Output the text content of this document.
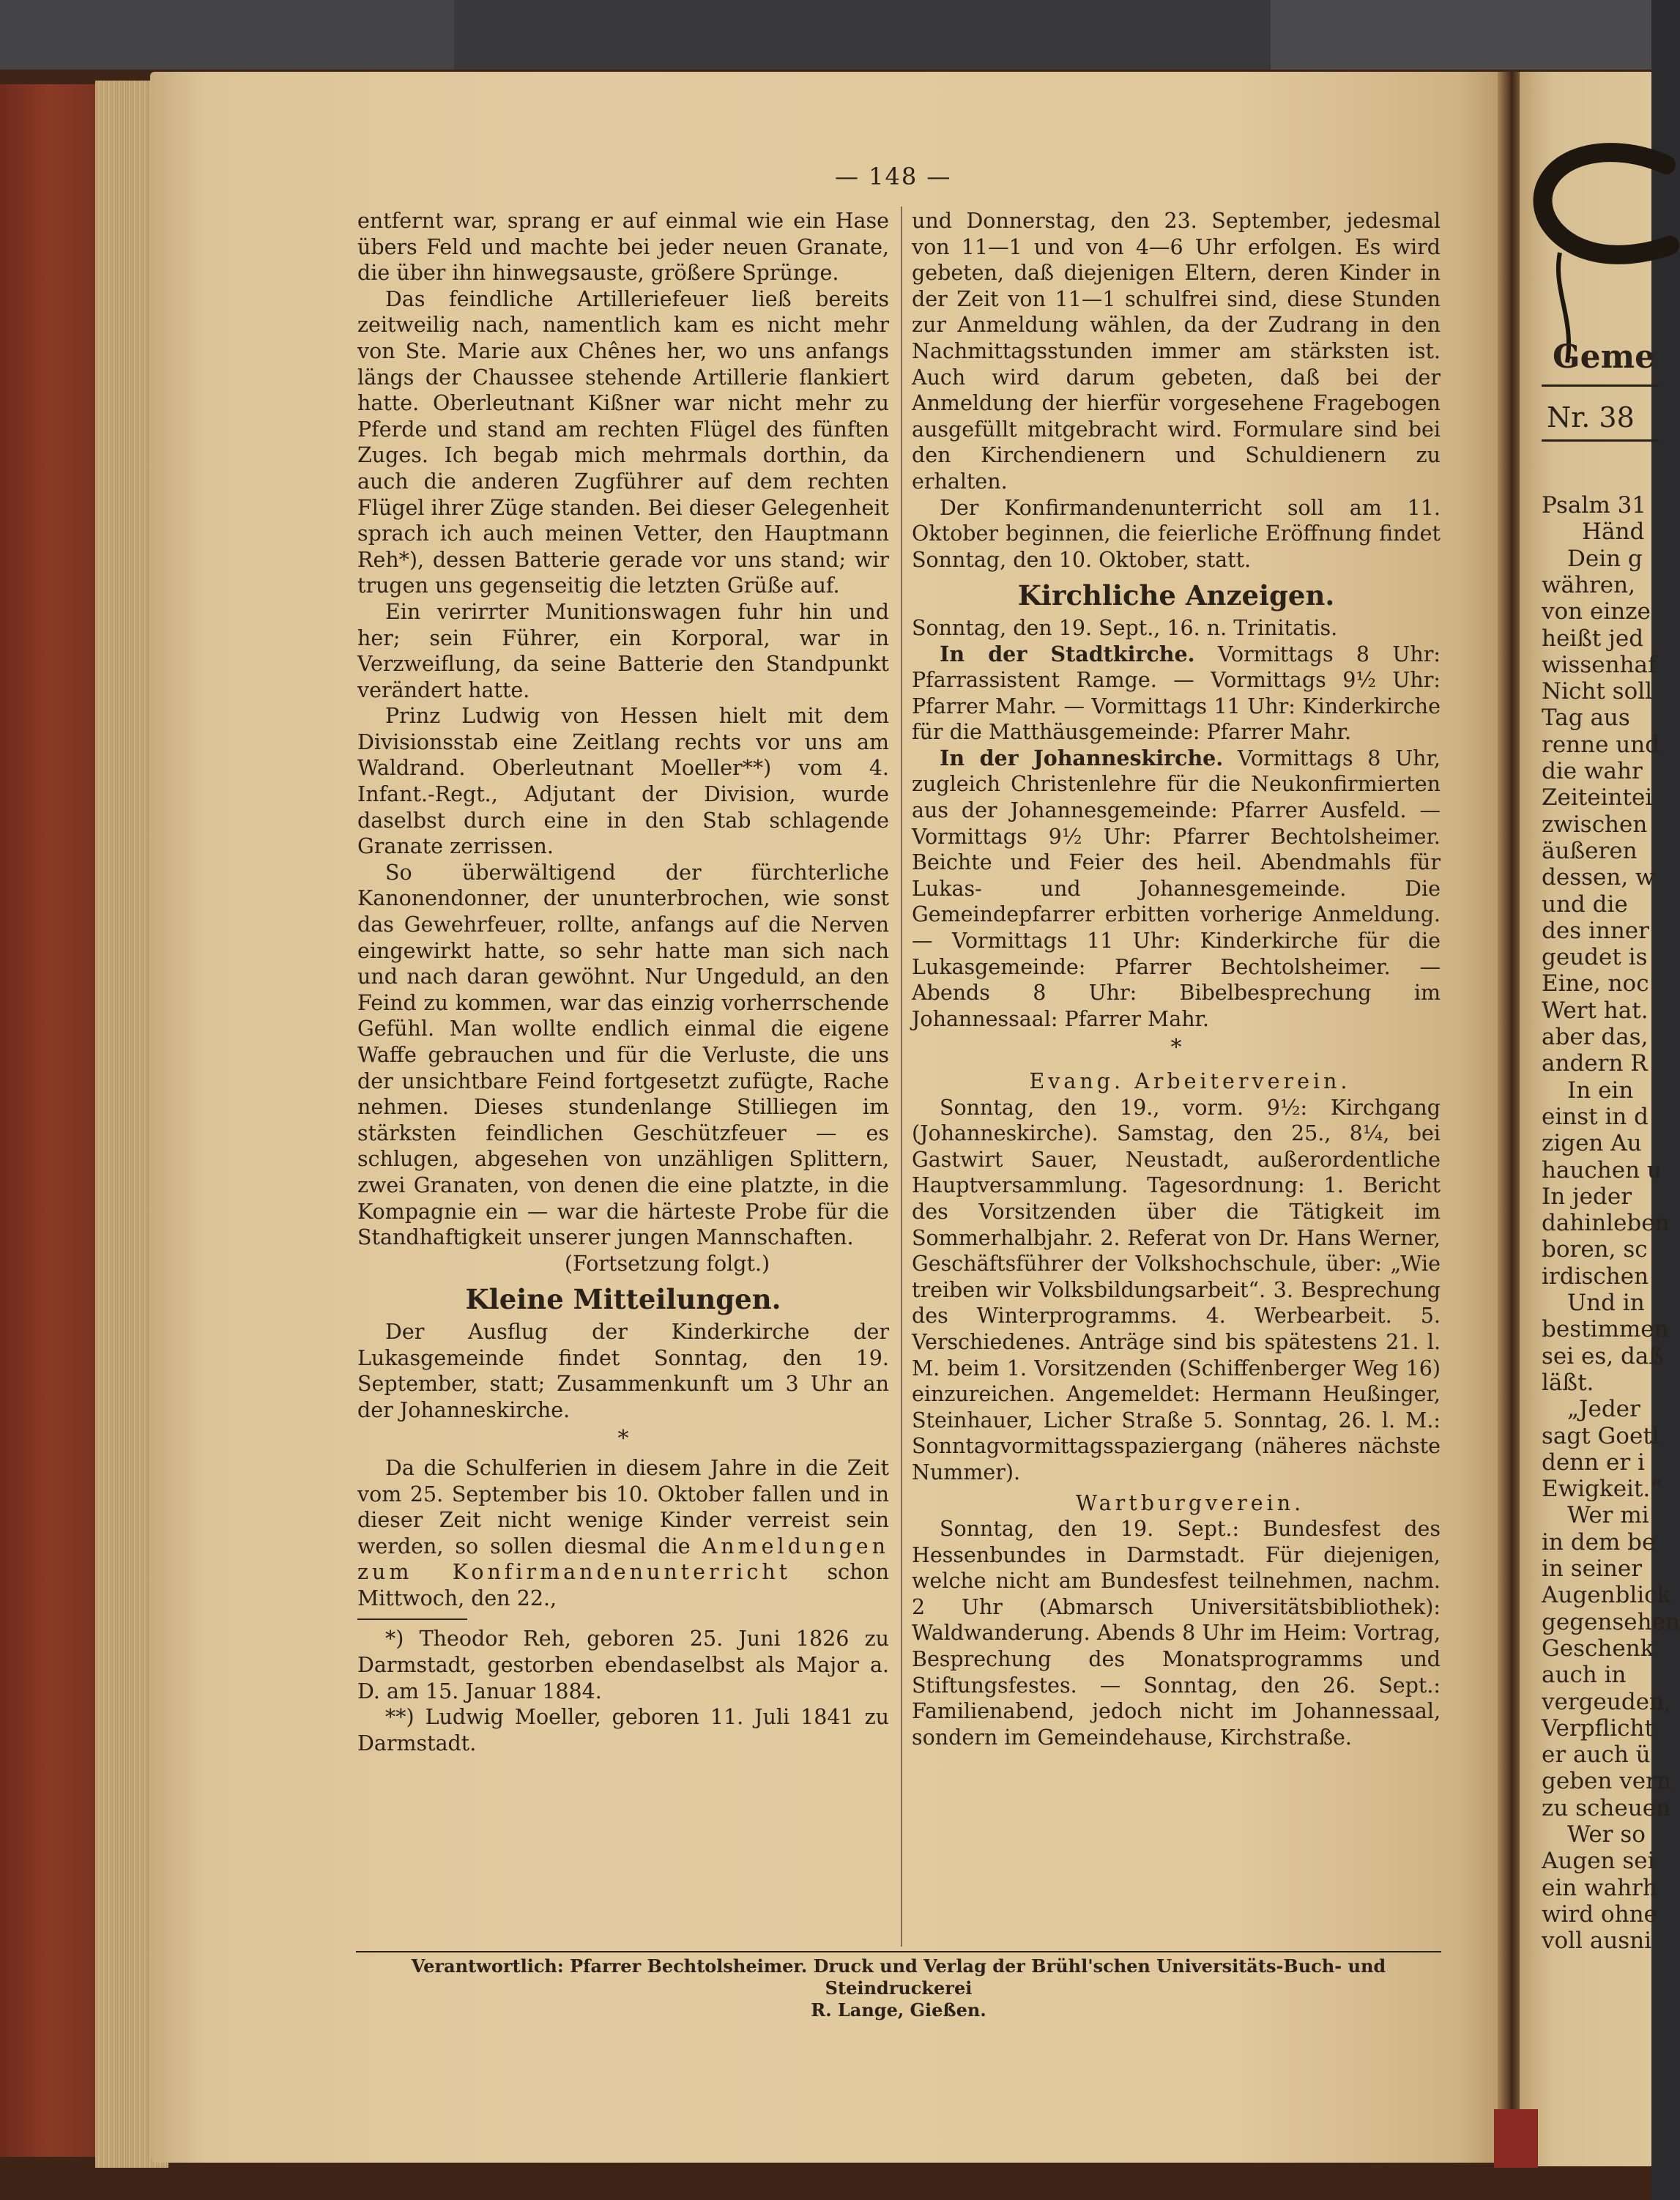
— 148 —

entfernt war, sprang er auf einmal wie ein Hase übers Feld und machte bei jeder neuen Granate, die über ihn hinwegsauste, größere Sprünge.

Das feindliche Artilleriefeuer ließ bereits zeitweilig nach, namentlich kam es nicht mehr von Ste. Marie aux Chênes her, wo uns anfangs längs der Chaussee stehende Artillerie flankiert hatte. Oberleutnant Kißner war nicht mehr zu Pferde und stand am rechten Flügel des fünften Zuges. Ich begab mich mehrmals dorthin, da auch die anderen Zugführer auf dem rechten Flügel ihrer Züge standen. Bei dieser Gelegenheit sprach ich auch meinen Vetter, den Hauptmann Reh*), dessen Batterie gerade vor uns stand; wir trugen uns gegenseitig die letzten Grüße auf.

Ein verirrter Munitionswagen fuhr hin und her; sein Führer, ein Korporal, war in Verzweiflung, da seine Batterie den Standpunkt verändert hatte.

Prinz Ludwig von Hessen hielt mit dem Divisionsstab eine Zeitlang rechts vor uns am Waldrand. Oberleutnant Moeller**) vom 4. Infant.-Regt., Adjutant der Division, wurde daselbst durch eine in den Stab schlagende Granate zerrissen.

So überwältigend der fürchterliche Kanonendonner, der ununterbrochen, wie sonst das Gewehrfeuer, rollte, anfangs auf die Nerven eingewirkt hatte, so sehr hatte man sich nach und nach daran gewöhnt. Nur Ungeduld, an den Feind zu kommen, war das einzig vorherrschende Gefühl. Man wollte endlich einmal die eigene Waffe gebrauchen und für die Verluste, die uns der unsichtbare Feind fortgesetzt zufügte, Rache nehmen. Dieses stundenlange Stilliegen im stärksten feindlichen Geschützfeuer — es schlugen, abgesehen von unzähligen Splittern, zwei Granaten, von denen die eine platzte, in die Kompagnie ein — war die härteste Probe für die Standhaftigkeit unserer jungen Mannschaften.

(Fortsetzung folgt.)

Kleine Mitteilungen.

Der Ausflug der Kinderkirche der Lukasgemeinde findet Sonntag, den 19. September, statt; Zusammenkunft um 3 Uhr an der Johanneskirche.

*

Da die Schulferien in diesem Jahre in die Zeit vom 25. September bis 10. Oktober fallen und in dieser Zeit nicht wenige Kinder verreist sein werden, so sollen diesmal die Anmeldungen zum Konfirmandenunterricht schon Mittwoch, den 22.,

*) Theodor Reh, geboren 25. Juni 1826 zu Darmstadt, gestorben ebendaselbst als Major a. D. am 15. Januar 1884.

**) Ludwig Moeller, geboren 11. Juli 1841 zu Darmstadt.

und Donnerstag, den 23. September, jedesmal von 11—1 und von 4—6 Uhr erfolgen. Es wird gebeten, daß diejenigen Eltern, deren Kinder in der Zeit von 11—1 schulfrei sind, diese Stunden zur Anmeldung wählen, da der Zudrang in den Nachmittagsstunden immer am stärksten ist. Auch wird darum gebeten, daß bei der Anmeldung der hierfür vorgesehene Fragebogen ausgefüllt mitgebracht wird. Formulare sind bei den Kirchendienern und Schuldienern zu erhalten.

Der Konfirmandenunterricht soll am 11. Oktober beginnen, die feierliche Eröffnung findet Sonntag, den 10. Oktober, statt.

Kirchliche Anzeigen.

Sonntag, den 19. Sept., 16. n. Trinitatis.

In der Stadtkirche. Vormittags 8 Uhr: Pfarrassistent Ramge. — Vormittags 9½ Uhr: Pfarrer Mahr. — Vormittags 11 Uhr: Kinderkirche für die Matthäusgemeinde: Pfarrer Mahr.

In der Johanneskirche. Vormittags 8 Uhr, zugleich Christenlehre für die Neukonfirmierten aus der Johannesgemeinde: Pfarrer Ausfeld. — Vormittags 9½ Uhr: Pfarrer Bechtolsheimer. Beichte und Feier des heil. Abendmahls für Lukas- und Johannesgemeinde. Die Gemeindepfarrer erbitten vorherige Anmeldung. — Vormittags 11 Uhr: Kinderkirche für die Lukasgemeinde: Pfarrer Bechtolsheimer. — Abends 8 Uhr: Bibelbesprechung im Johannessaal: Pfarrer Mahr.

*

Evang. Arbeiterverein.

Sonntag, den 19., vorm. 9½: Kirchgang (Johanneskirche). Samstag, den 25., 8¼, bei Gastwirt Sauer, Neustadt, außerordentliche Hauptversammlung. Tagesordnung: 1. Bericht des Vorsitzenden über die Tätigkeit im Sommerhalbjahr. 2. Referat von Dr. Hans Werner, Geschäftsführer der Volkshochschule, über: „Wie treiben wir Volksbildungsarbeit“. 3. Besprechung des Winterprogramms. 4. Werbearbeit. 5. Verschiedenes. Anträge sind bis spätestens 21. l. M. beim 1. Vorsitzenden (Schiffenberger Weg 16) einzureichen. Angemeldet: Hermann Heußinger, Steinhauer, Licher Straße 5. Sonntag, 26. l. M.: Sonntagvormittagsspaziergang (näheres nächste Nummer).

Wartburgverein.

Sonntag, den 19. Sept.: Bundesfest des Hessenbundes in Darmstadt. Für diejenigen, welche nicht am Bundesfest teilnehmen, nachm. 2 Uhr (Abmarsch Universitätsbibliothek): Waldwanderung. Abends 8 Uhr im Heim: Vortrag, Besprechung des Monatsprogramms und Stiftungsfestes. — Sonntag, den 26. Sept.: Familienabend, jedoch nicht im Johannessaal, sondern im Gemeindehause, Kirchstraße.

Verantwortlich: Pfarrer Bechtolsheimer. Druck und Verlag der Brühl'schen Universitäts-Buch- und Steindruckerei
R. Lange, Gießen.
Geme
Nr. 38
Psalm 31
Händ
Dein g
währen,
von einze
heißt jed
wissenhaf
Nicht soll
Tag aus
renne und
die wahr
Zeiteintei
zwischen
äußeren
dessen, w
und die
des inner
geudet is
Eine, noc
Wert hat.
aber das,
andern R
In ein
einst in d
zigen Au
hauchen u
In jeder
dahinleben
boren, sc
irdischen
Und in
bestimmen
sei es, daß
läßt.
„Jeder
sagt Goetl
denn er i
Ewigkeit.“
Wer mi
in dem be
in seiner
Augenblick
gegensehen
Geschenk
auch in
vergeuden,
Verpflicht
er auch ü
geben vern
zu scheuen
Wer so
Augen sei
ein wahrh
wird ohne
voll ausni
